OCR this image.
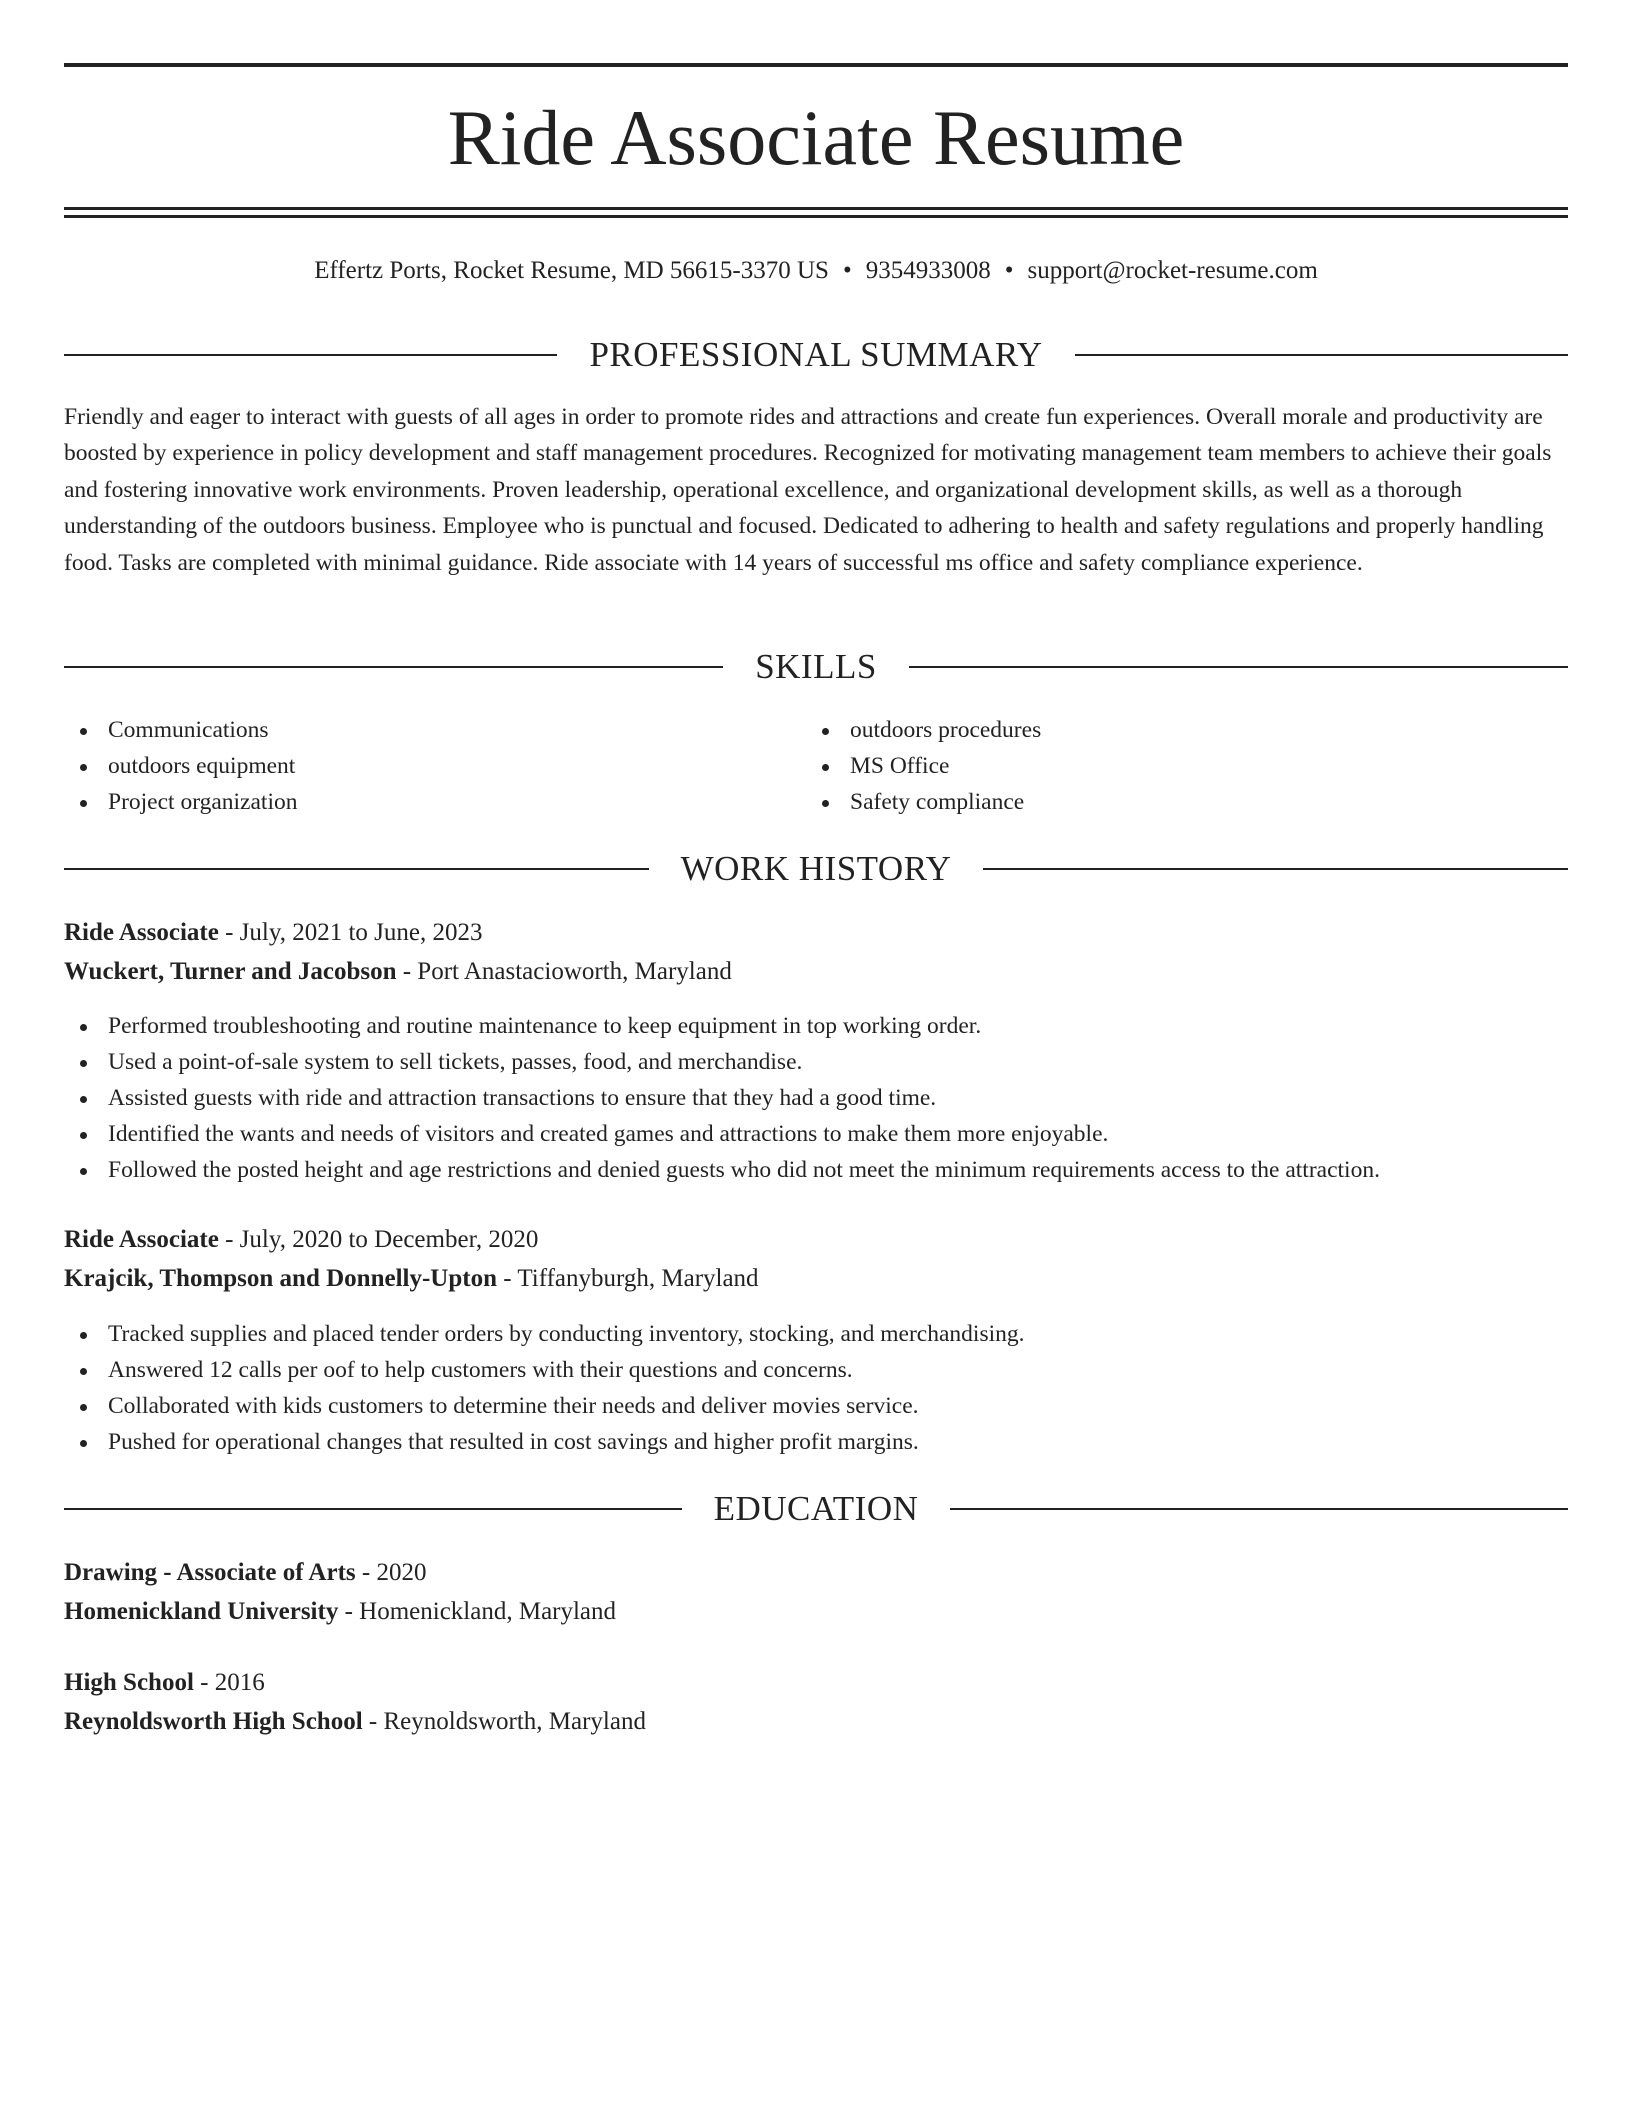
Ride Associate Resume
Effertz Ports, Rocket Resume, MD 56615-3370 US • 9354933008 • support@rocket-resume.com
PROFESSIONAL SUMMARY

Friendly and eager to interact with guests of all ages in order to promote rides and attractions and create fun experiences. Overall morale and productivity are boosted by experience in policy development and staff management procedures. Recognized for motivating management team members to achieve their goals and fostering innovative work environments. Proven leadership, operational excellence, and organizational development skills, as well as a thorough understanding of the outdoors business. Employee who is punctual and focused. Dedicated to adhering to health and safety regulations and properly handling food. Tasks are completed with minimal guidance. Ride associate with 14 years of successful ms office and safety compliance experience.

SKILLS
Communications
outdoors equipment
Project organization
outdoors procedures
MS Office
Safety compliance
WORK HISTORY
Ride Associate - July, 2021 to June, 2023
Wuckert, Turner and Jacobson - Port Anastacioworth, Maryland
Performed troubleshooting and routine maintenance to keep equipment in top working order.
Used a point-of-sale system to sell tickets, passes, food, and merchandise.
Assisted guests with ride and attraction transactions to ensure that they had a good time.
Identified the wants and needs of visitors and created games and attractions to make them more enjoyable.
Followed the posted height and age restrictions and denied guests who did not meet the minimum requirements access to the attraction.
Ride Associate - July, 2020 to December, 2020
Krajcik, Thompson and Donnelly-Upton - Tiffanyburgh, Maryland
Tracked supplies and placed tender orders by conducting inventory, stocking, and merchandising.
Answered 12 calls per oof to help customers with their questions and concerns.
Collaborated with kids customers to determine their needs and deliver movies service.
Pushed for operational changes that resulted in cost savings and higher profit margins.
EDUCATION
Drawing - Associate of Arts - 2020
Homenickland University - Homenickland, Maryland
High School - 2016
Reynoldsworth High School - Reynoldsworth, Maryland
